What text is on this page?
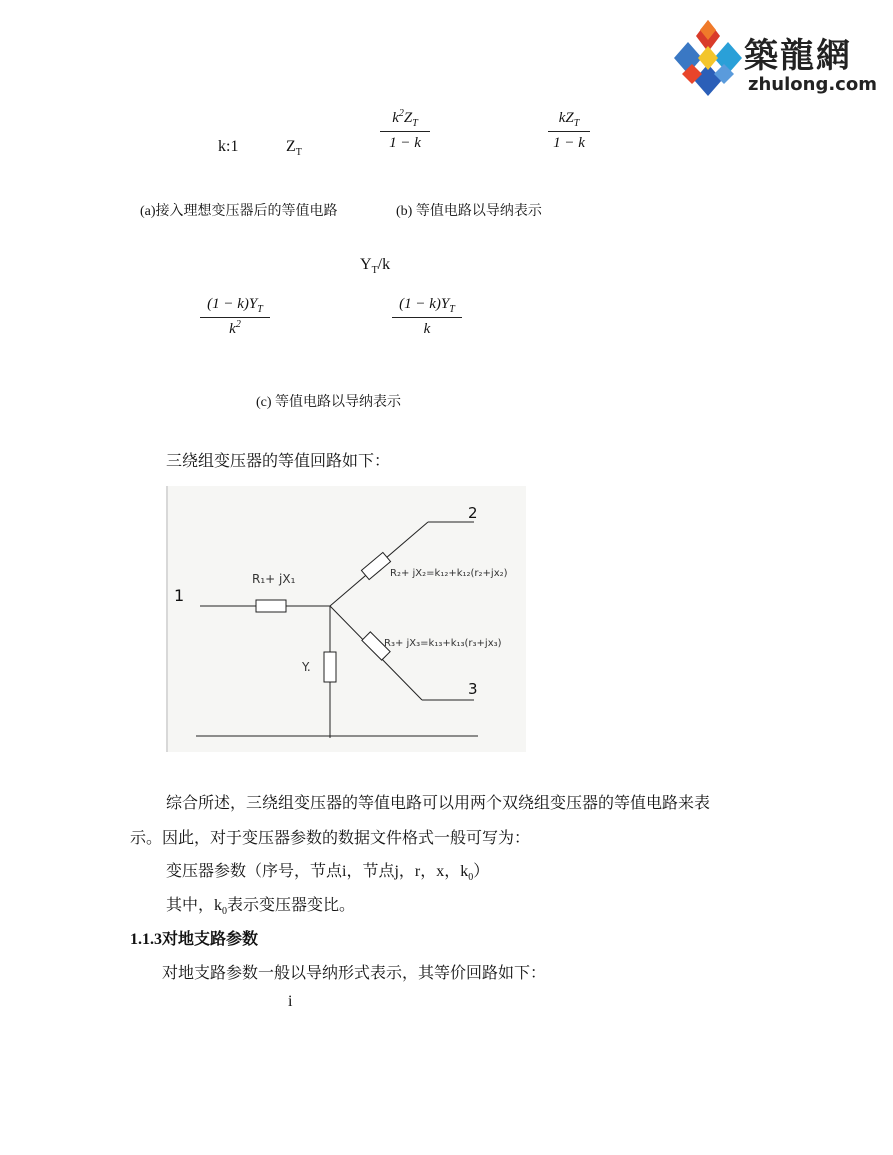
築龍網
zhulong.com
k:1	$Z_T$
$k^2Z_T$
1 − k
$kZ_T$
1 − k
(a)接入理想变压器后的等值电路	(b) 等值电路以导纳表示
$Y_T/k$
$(1 - k)Y_T$
$k^2$
$(1 - k)Y_T$
k
(c) 等值电路以导纳表示
三绕组变压器的等值回路如下：
1
2
3
R₁+ jX₁	R₂+ jX₂=k₁₂+k₁₂(r₂+jx₂)
R₃+ jX₃=k₁₃+k₁₃(r₃+jx₃)
Y.
综合所述，三绕组变压器的等值电路可以用两个双绕组变压器的等值电路来表
示。因此，对于变压器参数的数据文件格式一般可写为：
变压器参数（序号，节点i，节点j，r，x，$k_0$）
其中，$k_0$表示变压器变比。
1.1.3对地支路参数
对地支路参数一般以导纳形式表示，其等价回路如下：
i
